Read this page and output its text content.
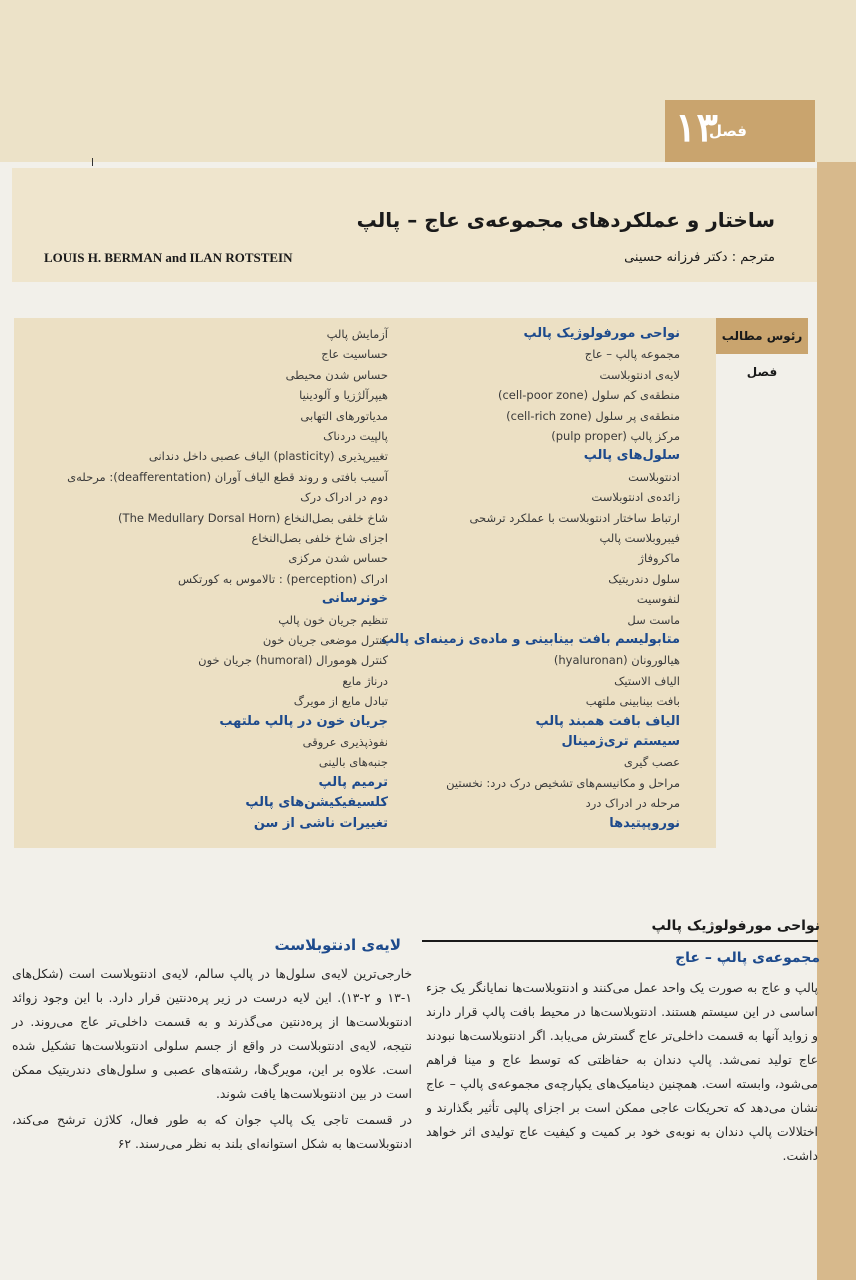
١٣
فصل
ساختار و عملکردهای مجموعه‌ی عاج – پالپ
مترجم : دکتر فرزانه حسینی
LOUIS H. BERMAN and ILAN ROTSTEIN
رئوس مطالب فصل
نواحی مورفولوژیک پالپ
مجموعه پالپ – عاج
لایه‌ی ادنتوبلاست
منطقه‌ی کم سلول (cell-poor zone)
منطقه‌ی پر سلول (cell-rich zone)
مرکز پالپ (pulp proper)
سلول‌های پالپ
ادنتوبلاست
زائده‌ی ادنتوبلاست
ارتباط ساختار ادنتوبلاست با عملکرد ترشحی
فیبروبلاست پالپ
ماکروفاژ
سلول دندریتیک
لنفوسیت
ماست سل
متابولیسم بافت بینابینی و ماده‌ی زمینه‌ای پالپ
هیالورونان (hyaluronan)
الیاف الاستیک
بافت بینابینی ملتهب
الیاف بافت همبند پالپ
سیستم تری‌ژمینال
عصب گیری
مراحل و مکانیسم‌های تشخیص درک درد: نخستین
مرحله در ادراک درد
نوروپپتیدها
آزمایش پالپ
حساسیت عاج
حساس شدن محیطی
هیپرآلژزیا و آلودینیا
مدیاتورهای التهابی
پالپیت دردناک
تغییرپذیری (plasticity) الیاف عصبی داخل دندانی
آسیب بافتی و روند قطع الیاف آوران (deafferentation): مرحله‌ی
دوم در ادراک درک
شاخ خلفی بصل‌النخاع (The Medullary Dorsal Horn)
اجزای شاخ خلفی بصل‌النخاع
حساس شدن مرکزی
ادراک (perception) : تالاموس به کورتکس
خونرسانی
تنظیم جریان خون پالپ
کنترل موضعی جریان خون
کنترل هومورال (humoral) جریان خون
درناژ مایع
تبادل مایع از مویرگ
جریان خون در پالپ ملتهب
نفوذپذیری عروقی
جنبه‌های بالینی
ترمیم پالپ
کلسیفیکیشن‌های پالپ
تغییرات ناشی از سن
نواحی مورفولوژیک پالپ
مجموعه‌ی پالپ – عاج
پالپ و عاج به صورت یک واحد عمل می‌کنند و ادنتوبلاست‌ها نمایانگر یک جزء اساسی در این سیستم هستند. ادنتوبلاست‌ها در محیط بافت پالپ قرار دارند و زواید آنها به قسمت داخلی‌تر عاج گسترش می‌یابد. اگر ادنتوبلاست‌ها نبودند عاج تولید نمی‌شد. پالپ دندان به حفاظتی که توسط عاج و مینا فراهم می‌شود، وابسته است. همچنین دینامیک‌های یکپارچه‌ی مجموعه‌ی پالپ – عاج نشان می‌دهد که تحریکات عاجی ممکن است بر اجزای پالپی تأثیر بگذارند و اختلالات پالپ دندان به نوبه‌ی خود بر کمیت و کیفیت عاج تولیدی اثر خواهد داشت.
لایه‌ی ادنتوبلاست
خارجی‌ترین لایه‌ی سلول‌ها در پالپ سالم، لایه‌ی ادنتوبلاست است (شکل‌های ۱-۱۳ و ۲-۱۳). این لایه درست در زیر پره‌دنتین قرار دارد. با این وجود زوائد ادنتوبلاست‌ها از پره‌دنتین می‌گذرند و به قسمت داخلی‌تر عاج می‌روند. در نتیجه، لایه‌ی ادنتوبلاست در واقع از جسم سلولی ادنتوبلاست‌ها تشکیل شده است. علاوه بر این، مویرگ‌ها، رشته‌های عصبی و سلول‌های دندریتیک ممکن است در بین ادنتوبلاست‌ها یافت شوند.
در قسمت تاجی یک پالپ جوان که به طور فعال، کلاژن ترشح می‌کند، ادنتوبلاست‌ها به شکل استوانه‌ای بلند به نظر می‌رسند. ۶۲
